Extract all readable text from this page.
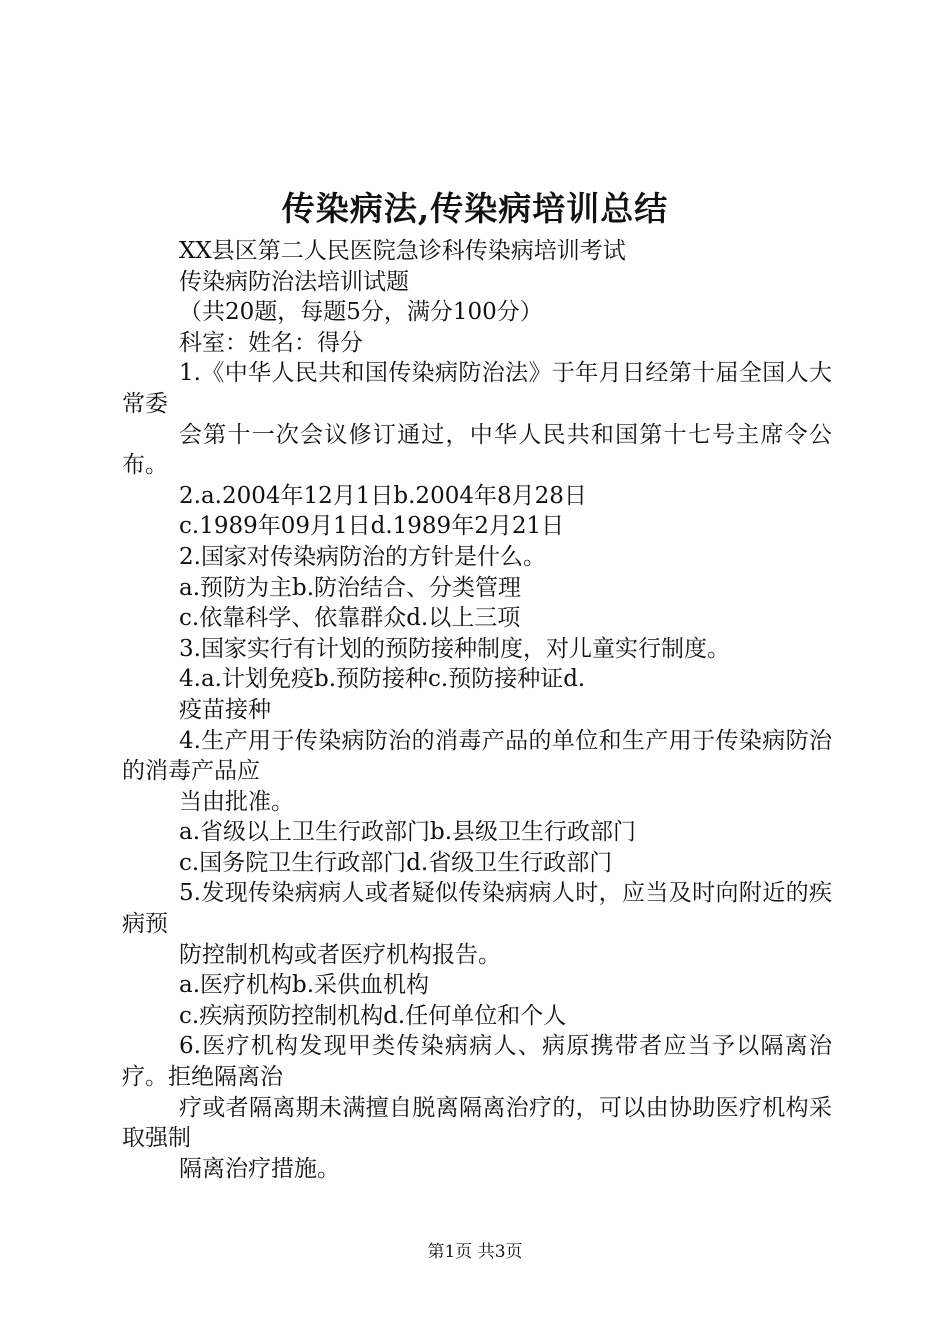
传染病法,传染病培训总结

XX县区第二人民医院急诊科传染病培训考试

传染病防治法培训试题

（共20题，每题5分，满分100分）

科室：姓名：得分

1.《中华人民共和国传染病防治法》于年月日经第十届全国人大常委

会第十一次会议修订通过，中华人民共和国第十七号主席令公布。

2.a.2004年12月1日b.2004年8月28日

c.1989年09月1日d.1989年2月21日

2.国家对传染病防治的方针是什么。

a.预防为主b.防治结合、分类管理

c.依靠科学、依靠群众d.以上三项

3.国家实行有计划的预防接种制度，对儿童实行制度。

4.a.计划免疫b.预防接种c.预防接种证d.

疫苗接种

4.生产用于传染病防治的消毒产品的单位和生产用于传染病防治的消毒产品应

当由批准。

a.省级以上卫生行政部门b.县级卫生行政部门

c.国务院卫生行政部门d.省级卫生行政部门

5.发现传染病病人或者疑似传染病病人时，应当及时向附近的疾病预

防控制机构或者医疗机构报告。

a.医疗机构b.采供血机构

c.疾病预防控制机构d.任何单位和个人

6.医疗机构发现甲类传染病病人、病原携带者应当予以隔离治疗。拒绝隔离治

疗或者隔离期未满擅自脱离隔离治疗的，可以由协助医疗机构采取强制

隔离治疗措施。

第1页 共3页
